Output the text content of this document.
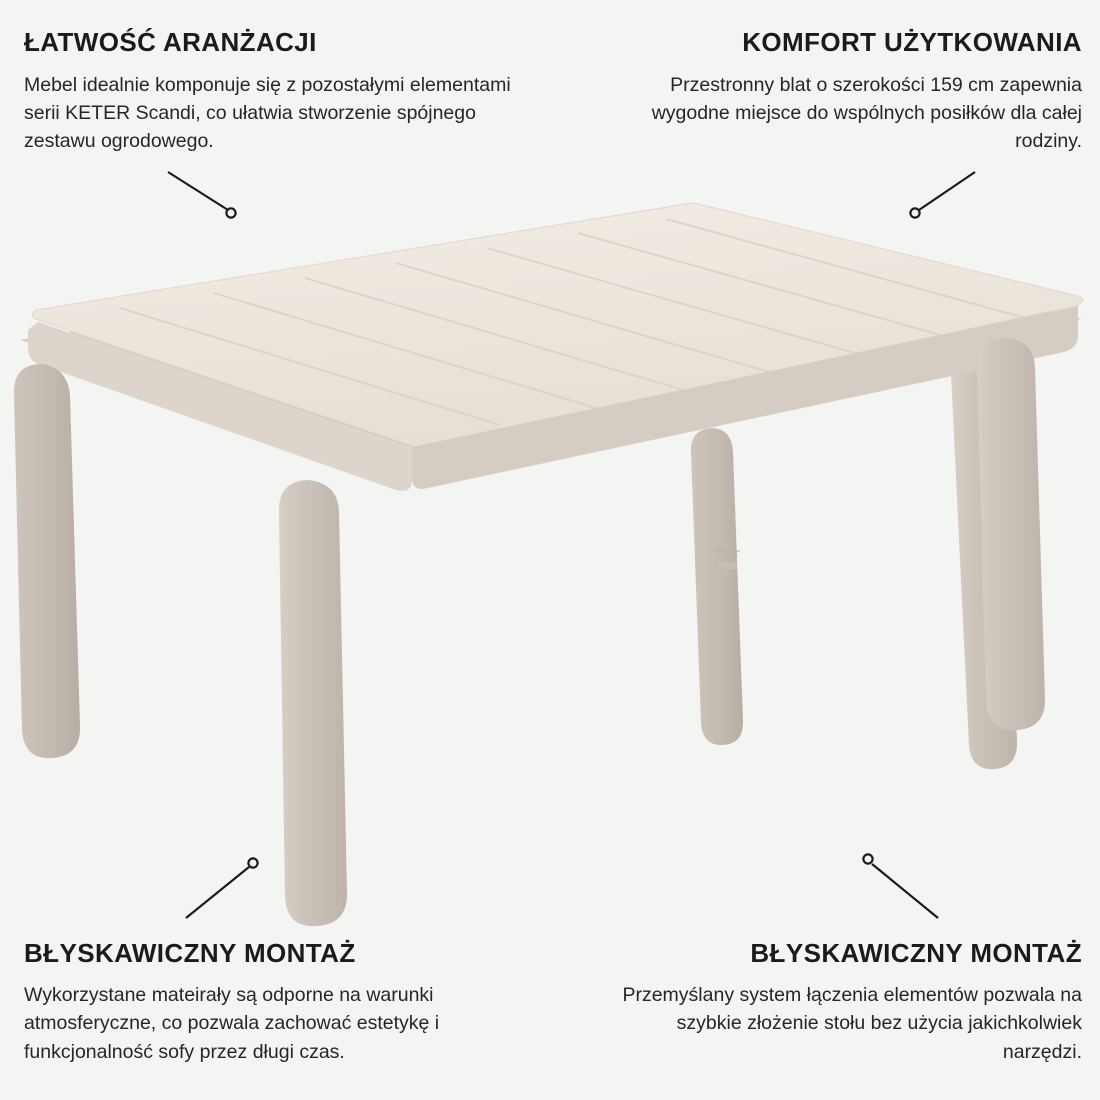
ŁATWOŚĆ ARANŻACJI

Mebel idealnie komponuje się z pozostałymi elementami serii KETER Scandi, co ułatwia stworzenie spójnego zestawu ogrodowego.

KOMFORT UŻYTKOWANIA

Przestronny blat o szerokości 159 cm zapewnia wygodne miejsce do wspólnych posiłków dla całej rodziny.

BŁYSKAWICZNY MONTAŻ

Wykorzystane mateirały są odporne na warunki atmosferyczne, co pozwala zachować estetykę i funkcjonalność sofy przez długi czas.

BŁYSKAWICZNY MONTAŻ

Przemyślany system łączenia elementów pozwala na szybkie złożenie stołu bez użycia jakichkolwiek narzędzi.
